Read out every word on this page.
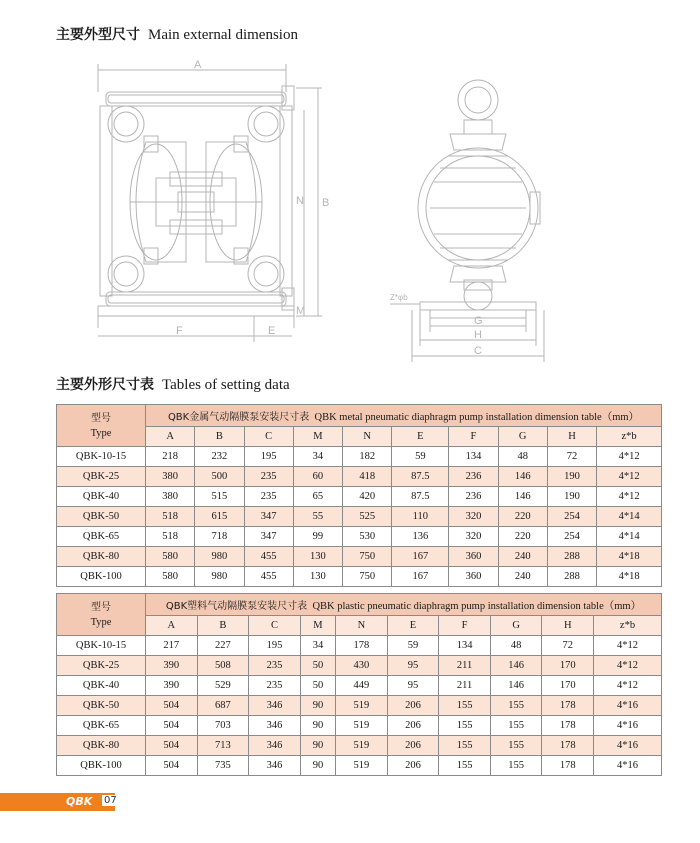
主要外型尺寸 Main external dimension
A
B
N
M
F	E
Z*φb
G
H
C
主要外形尺寸表 Tables of setting data
型号
Type	QBK金属气动隔膜泵安装尺寸表 QBK metal pneumatic diaphragm pump installation dimension table（mm）									
	A	B	C	M	N	E	F	G	H	z*b
QBK-10-15	218	232	195	34	182	59	134	48	72	4*12
QBK-25	380	500	235	60	418	87.5	236	146	190	4*12
QBK-40	380	515	235	65	420	87.5	236	146	190	4*12
QBK-50	518	615	347	55	525	110	320	220	254	4*14
QBK-65	518	718	347	99	530	136	320	220	254	4*14
QBK-80	580	980	455	130	750	167	360	240	288	4*18
QBK-100	580	980	455	130	750	167	360	240	288	4*18
型号
Type	QBK塑料气动隔膜泵安装尺寸表 QBK plastic pneumatic diaphragm pump installation dimension table（mm）									
	A	B	C	M	N	E	F	G	H	z*b
QBK-10-15	217	227	195	34	178	59	134	48	72	4*12
QBK-25	390	508	235	50	430	95	211	146	170	4*12
QBK-40	390	529	235	50	449	95	211	146	170	4*12
QBK-50	504	687	346	90	519	206	155	155	178	4*16
QBK-65	504	703	346	90	519	206	155	155	178	4*16
QBK-80	504	713	346	90	519	206	155	155	178	4*16
QBK-100	504	735	346	90	519	206	155	155	178	4*16
QBK 07
